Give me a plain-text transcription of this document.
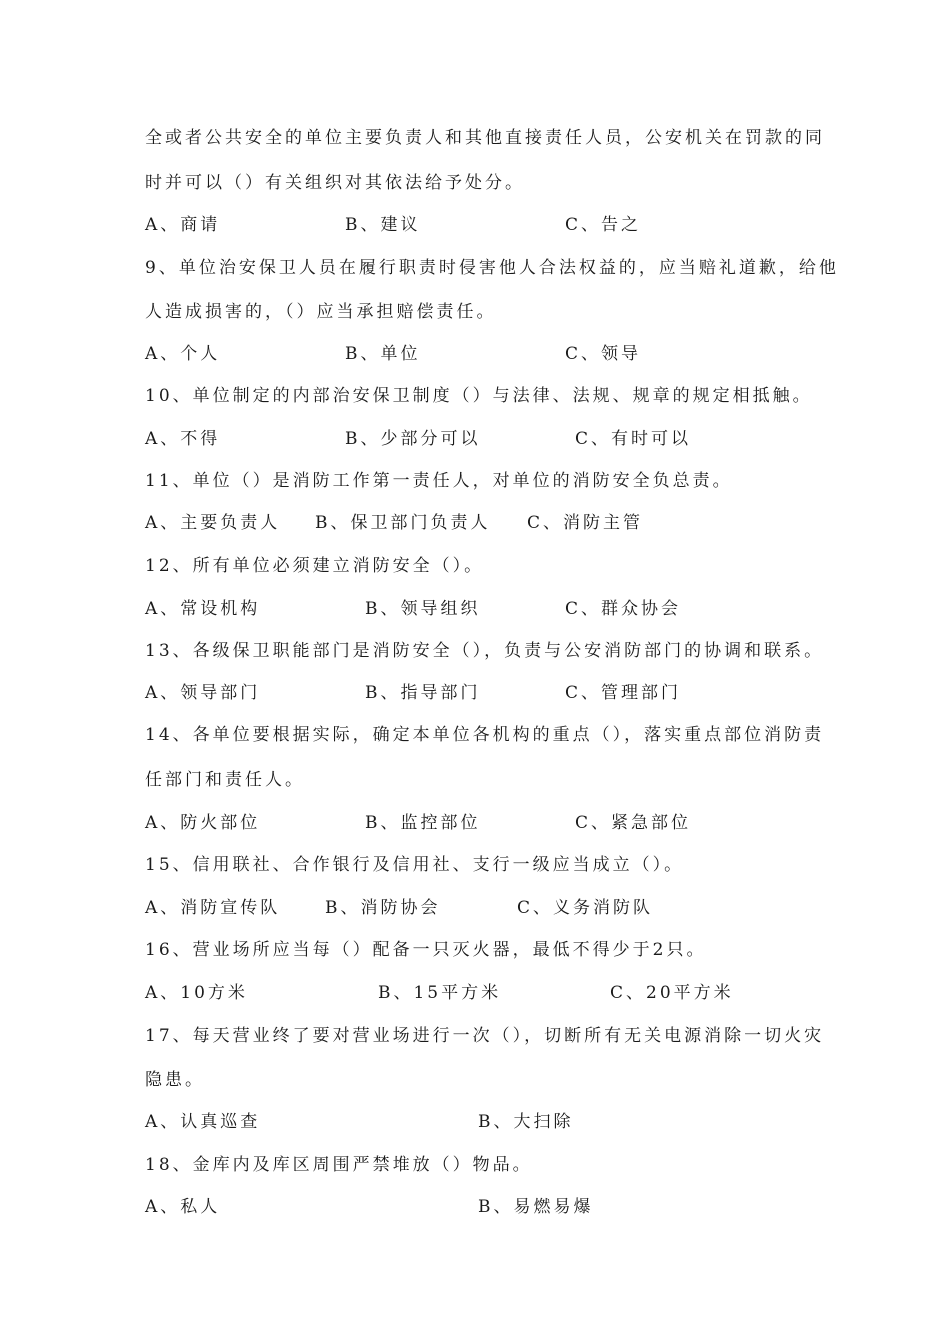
全或者公共安全的单位主要负责人和其他直接责任人员，公安机关在罚款的同
时并可以（）有关组织对其依法给予处分。
A、商请	B、建议	C、告之
9、单位治安保卫人员在履行职责时侵害他人合法权益的，应当赔礼道歉，给他
人造成损害的，（）应当承担赔偿责任。
A、个人	B、单位	C、领导
10、单位制定的内部治安保卫制度（）与法律、法规、规章的规定相抵触。
A、不得	B、少部分可以	C、有时可以
11、单位（）是消防工作第一责任人，对单位的消防安全负总责。
A、主要负责人 B、保卫部门负责人 C、消防主管
12、所有单位必须建立消防安全（）。
A、常设机构	B、领导组织	C、群众协会
13、各级保卫职能部门是消防安全（），负责与公安消防部门的协调和联系。
A、领导部门	B、指导部门	C、管理部门
14、各单位要根据实际，确定本单位各机构的重点（），落实重点部位消防责
任部门和责任人。
A、防火部位	B、监控部位	C、紧急部位
15、信用联社、合作银行及信用社、支行一级应当成立（）。
A、消防宣传队	B、消防协会	C、义务消防队
16、营业场所应当每（）配备一只灭火器，最低不得少于2只。
A、10方米	B、15平方米	C、20平方米
17、每天营业终了要对营业场进行一次（），切断所有无关电源消除一切火灾
隐患。
A、认真巡查	B、大扫除
18、金库内及库区周围严禁堆放（）物品。
A、私人	B、易燃易爆
